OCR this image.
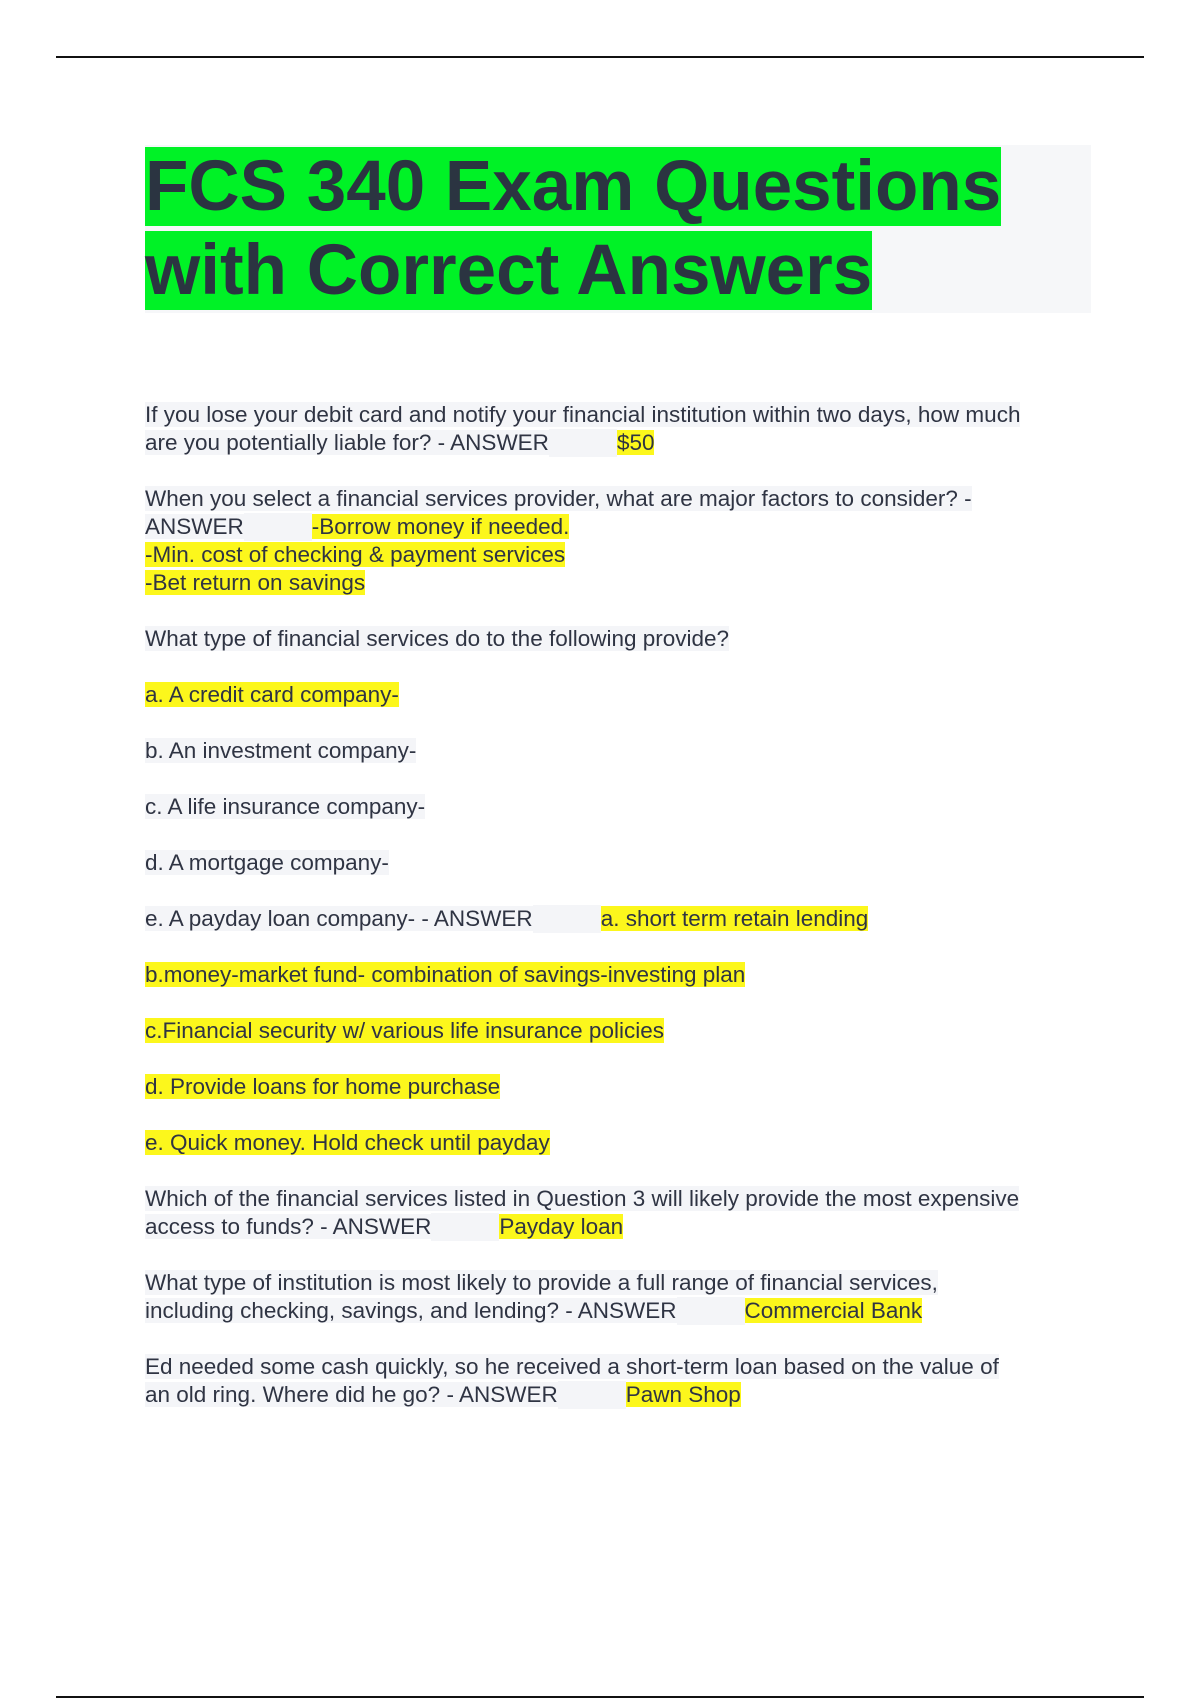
FCS 340 Exam Questions
with Correct Answers

If you lose your debit card and notify your financial institution within two days, how much
are you potentially liable for? - ANSWER	$50

When you select a financial services provider, what are major factors to consider? -
ANSWER	-Borrow money if needed.
-Min. cost of checking & payment services
-Bet return on savings

What type of financial services do to the following provide?

a. A credit card company-

b. An investment company-

c. A life insurance company-

d. A mortgage company-

e. A payday loan company- - ANSWER	a. short term retain lending

b.money-market fund- combination of savings-investing plan

c.Financial security w/ various life insurance policies

d. Provide loans for home purchase

e. Quick money. Hold check until payday

Which of the financial services listed in Question 3 will likely provide the most expensive
access to funds? - ANSWER	Payday loan

What type of institution is most likely to provide a full range of financial services,
including checking, savings, and lending? - ANSWER	Commercial Bank

Ed needed some cash quickly, so he received a short-term loan based on the value of
an old ring. Where did he go? - ANSWER	Pawn Shop
